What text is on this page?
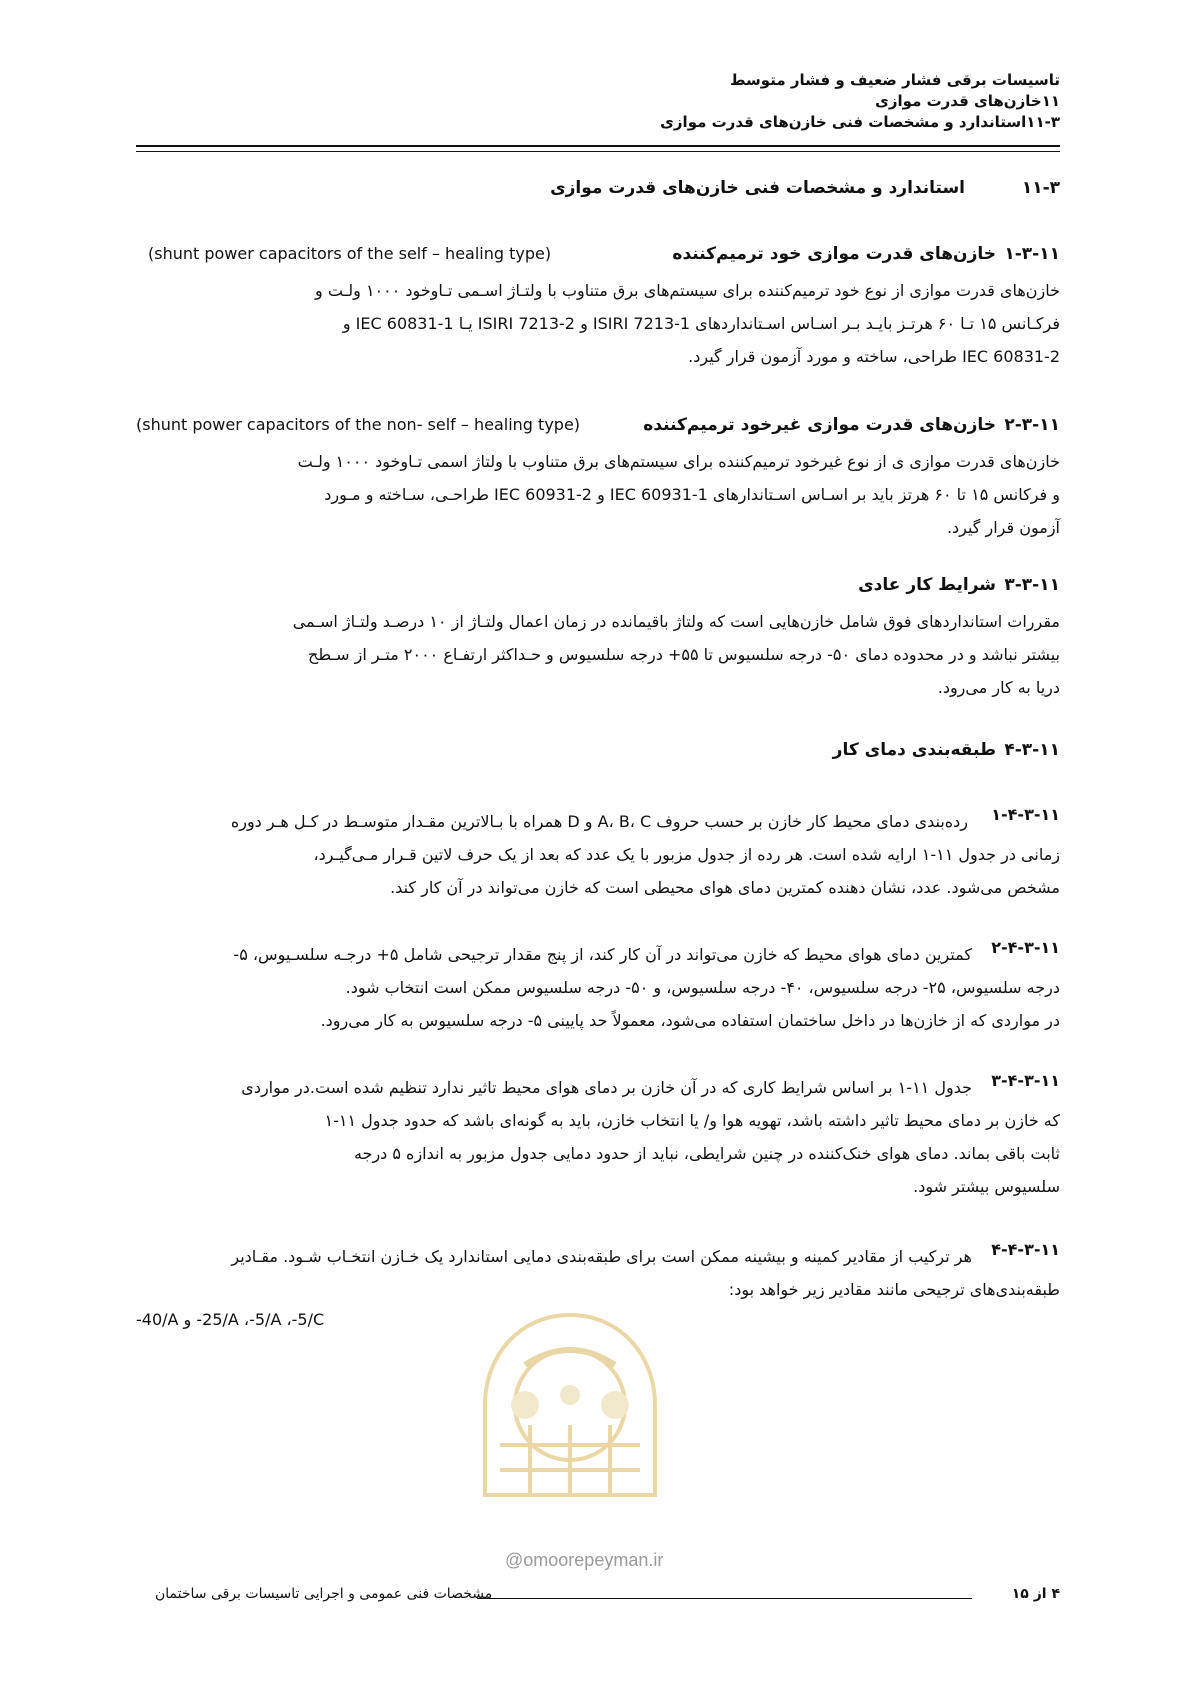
تاسیسات برقی فشار ضعیف و فشار متوسط
۱۱خازن‌های قدرت موازی
۱۱-۳استاندارد و مشخصات فنی خازن‌های قدرت موازی
۱۱-۳
استاندارد و مشخصات فنی خازن‌های قدرت موازی
۱-۳-۱۱
خازن‌های قدرت موازی خود ترمیم‌کننده
(shunt power capacitors of the self – healing type)
خازن‌های قدرت موازی از نوع خود ترمیم‌کننده برای سیستم‌های برق متناوب با ولتـاژ اسـمی تـاوخود ۱۰۰۰ ولـت و
فرکـانس ۱۵ تـا ۶۰ هرتـز بایـد بـر اسـاس اسـتانداردهای ISIRI 7213-1 و ISIRI 7213-2 یـا IEC 60831-1 و
IEC 60831-2 طراحی، ساخته و مورد آزمون قرار گیرد.
۲-۳-۱۱
خازن‌های قدرت موازی غیرخود ترمیم‌کننده
(shunt power capacitors of the non- self – healing type)
خازن‌های قدرت موازی ی از نوع غیرخود ترمیم‌کننده برای سیستم‌های برق متناوب با ولتاژ اسمی تـاوخود ۱۰۰۰ ولـت
و فرکانس ۱۵ تا ۶۰ هرتز باید بر اسـاس اسـتاندارهای IEC 60931-1 و IEC 60931-2 طراحـی، سـاخته و مـورد
آزمون قرار گیرد.
۳-۳-۱۱
شرایط کار عادی
مقررات استانداردهای فوق شامل خازن‌هایی است که ولتاژ باقیمانده در زمان اعمال ولتـاژ از ۱۰ درصـد ولتـاژ اسـمی
بیشتر نباشد و در محدوده دمای ۵۰- درجه سلسیوس تا ۵۵+ درجه سلسیوس و حـداکثر ارتفـاع ۲۰۰۰ متـر از سـطح
دریا به کار می‌رود.
۴-۳-۱۱
طبقه‌بندی دمای کار
۱-۴-۳-۱۱
رده‌بندی دمای محیط کار خازن بر حسب حروف A، B، C و D همراه با بـالاترین مقـدار متوسـط در کـل هـر دوره
زمانی در جدول ۱۱-۱ ارایه شده است. هر رده از جدول مزبور با یک عدد که بعد از یک حرف لاتین قـرار مـی‌گیـرد،
مشخص می‌شود. عدد، نشان دهنده کمترین دمای هوای محیطی است که خازن می‌تواند در آن کار کند.
۲-۴-۳-۱۱
کمترین دمای هوای محیط که خازن می‌تواند در آن کار کند، از پنج مقدار ترجیحی شامل ۵+ درجـه سلسـیوس، ۵-
درجه سلسیوس، ۲۵- درجه سلسیوس، ۴۰- درجه سلسیوس، و ۵۰- درجه سلسیوس ممکن است انتخاب شود.
در مواردی که از خازن‌ها در داخل ساختمان استفاده می‌شود، معمولاً حد پایینی ۵- درجه سلسیوس به کار می‌رود.
۳-۴-۳-۱۱
جدول ۱۱-۱ بر اساس شرایط کاری که در آن خازن بر دمای هوای محیط تاثیر ندارد تنظیم شده است.در مواردی
که خازن بر دمای محیط تاثیر داشته باشد، تهویه هوا و/ یا انتخاب خازن، باید به گونه‌ای باشد که حدود جدول ۱۱-۱
ثابت باقی بماند. دمای هوای خنک‌کننده در چنین شرایطی، نباید از حدود دمایی جدول مزبور به اندازه ۵ درجه
سلسیوس بیشتر شود.
۴-۴-۳-۱۱
هر ترکیب از مقادیر کمینه و بیشینه ممکن است برای طبقه‌بندی دمایی استاندارد یک خـازن انتخـاب شـود. مقـادیر
طبقه‌بندی‌های ترجیحی مانند مقادیر زیر خواهد بود:
‎-5/C‏، ‎-5/A‏، ‎-25/A‏ و ‎-40/A
@omoorepeyman.ir
مشخصات فنی عمومی و اجرایی تاسیسات برقی ساختمان	۴ از ۱۵
